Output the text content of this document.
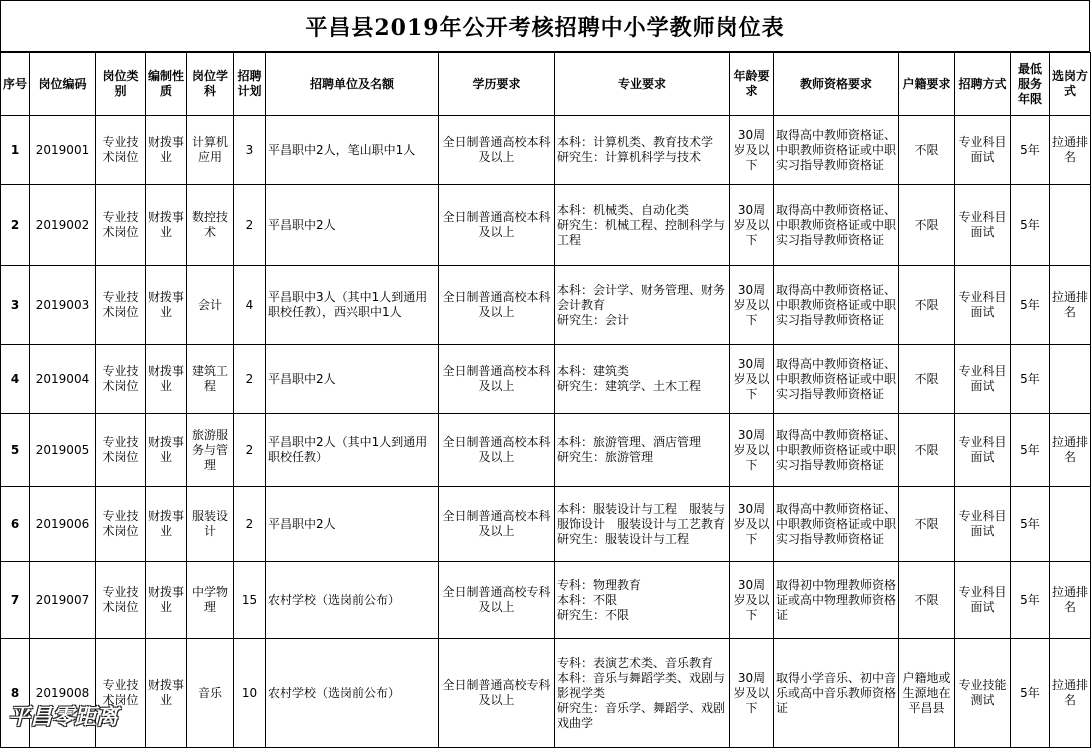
平昌县2019年公开考核招聘中小学教师岗位表
序号	岗位编码	岗位类别	编制性质	岗位学科	招聘计划	招聘单位及名额	学历要求	专业要求	年龄要求	教师资格要求	户籍要求	招聘方式	最低服务年限	选岗方式
1	2019001	专业技术岗位	财拨事业	计算机应用	3	平昌职中2人，笔山职中1人	全日制普通高校本科及以上	本科：计算机类、教育技术学
研究生：计算机科学与技术	30周岁及以下	取得高中教师资格证、中职教师资格证或中职实习指导教师资格证	不限	专业科目面试	5年	拉通排名
2	2019002	专业技术岗位	财拨事业	数控技术	2	平昌职中2人	全日制普通高校本科及以上	本科：机械类、自动化类
研究生：机械工程、控制科学与工程	30周岁及以下	取得高中教师资格证、中职教师资格证或中职实习指导教师资格证	不限	专业科目面试	5年	
3	2019003	专业技术岗位	财拨事业	会计	4	平昌职中3人（其中1人到通用职校任教），西兴职中1人	全日制普通高校本科及以上	本科：会计学、财务管理、财务会计教育
研究生：会计	30周岁及以下	取得高中教师资格证、中职教师资格证或中职实习指导教师资格证	不限	专业科目面试	5年	拉通排名
4	2019004	专业技术岗位	财拨事业	建筑工程	2	平昌职中2人	全日制普通高校本科及以上	本科：建筑类
研究生：建筑学、土木工程	30周岁及以下	取得高中教师资格证、中职教师资格证或中职实习指导教师资格证	不限	专业科目面试	5年	
5	2019005	专业技术岗位	财拨事业	旅游服务与管理	2	平昌职中2人（其中1人到通用职校任教）	全日制普通高校本科及以上	本科：旅游管理、酒店管理
研究生：旅游管理	30周岁及以下	取得高中教师资格证、中职教师资格证或中职实习指导教师资格证	不限	专业科目面试	5年	拉通排名
6	2019006	专业技术岗位	财拨事业	服装设计	2	平昌职中2人	全日制普通高校本科及以上	本科：服装设计与工程　服装与服饰设计　服装设计与工艺教育
研究生：服装设计与工程	30周岁及以下	取得高中教师资格证、中职教师资格证或中职实习指导教师资格证	不限	专业科目面试	5年	
7	2019007	专业技术岗位	财拨事业	中学物理	15	农村学校（选岗前公布）	全日制普通高校专科及以上	专科：物理教育
本科：不限
研究生：不限	30周岁及以下	取得初中物理教师资格证或高中物理教师资格证	不限	专业科目面试	5年	拉通排名
8	2019008	专业技术岗位	财拨事业	音乐	10	农村学校（选岗前公布）	全日制普通高校专科及以上	专科：表演艺术类、音乐教育
本科：音乐与舞蹈学类、戏剧与影视学类
研究生：音乐学、舞蹈学、戏剧戏曲学	30周岁及以下	取得小学音乐、初中音乐或高中音乐教师资格证	户籍地或生源地在平昌县	专业技能测试	5年	拉通排名
平昌零距离
